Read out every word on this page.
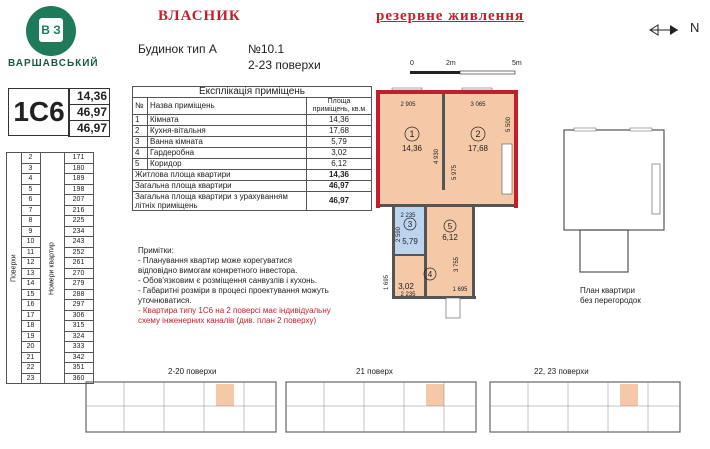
В З
ВАРШАВСЬКИЙ
ВЛАСНИК	резервне живлення
Будинок тип А	№10.1
2-23 поверхи
1С6	14,36
46,97
46,97
Експлікація приміщень		
№	Назва приміщень	Площа приміщень, кв.м
1	Кімната	14,36
2	Кухня-вітальня	17,68
3	Ванна кімната	5,79
4	Гардеробна	3,02
5	Коридор	6,12
Житлова площа квартири		14,36
Загальна площа квартири		46,97
Загальна площа квартири з урахуванням літніх приміщень		46,97
Поверхи	2	Номери квартир	171
	3		180
	4		189
	5		198
	6		207
	7		216
	8		225
	9		234
	10		243
	11		252
	12		261
	13		270
	14		279
	15		288
	16		297
	17		306
	18		315
	19		324
	20		333
	21		342
	22		351
	23		360
Примітки:
- Планування квартир може корегуватися відповідно вимогам конкретного інвестора.
- Обов'язковим є розміщення санвузлів і кухонь.
- Габаритні розміри в процесі проектування можуть уточнюватися.
- Квартира типу 1С6 на 2 поверсі має індивідуальну схему інженерних каналів (див. план 2 поверху)
N
0	2m	5m
1
14,36
2
17,68
3
5,79
5
6,12
4
3,02
2 905	3 065
5 500
4 930
5 975
2 235
2 590
3 755
1 695	1 695
2 235	План квартири
без перегородок
2-20 поверхи	21 поверх	22, 23 поверхи
